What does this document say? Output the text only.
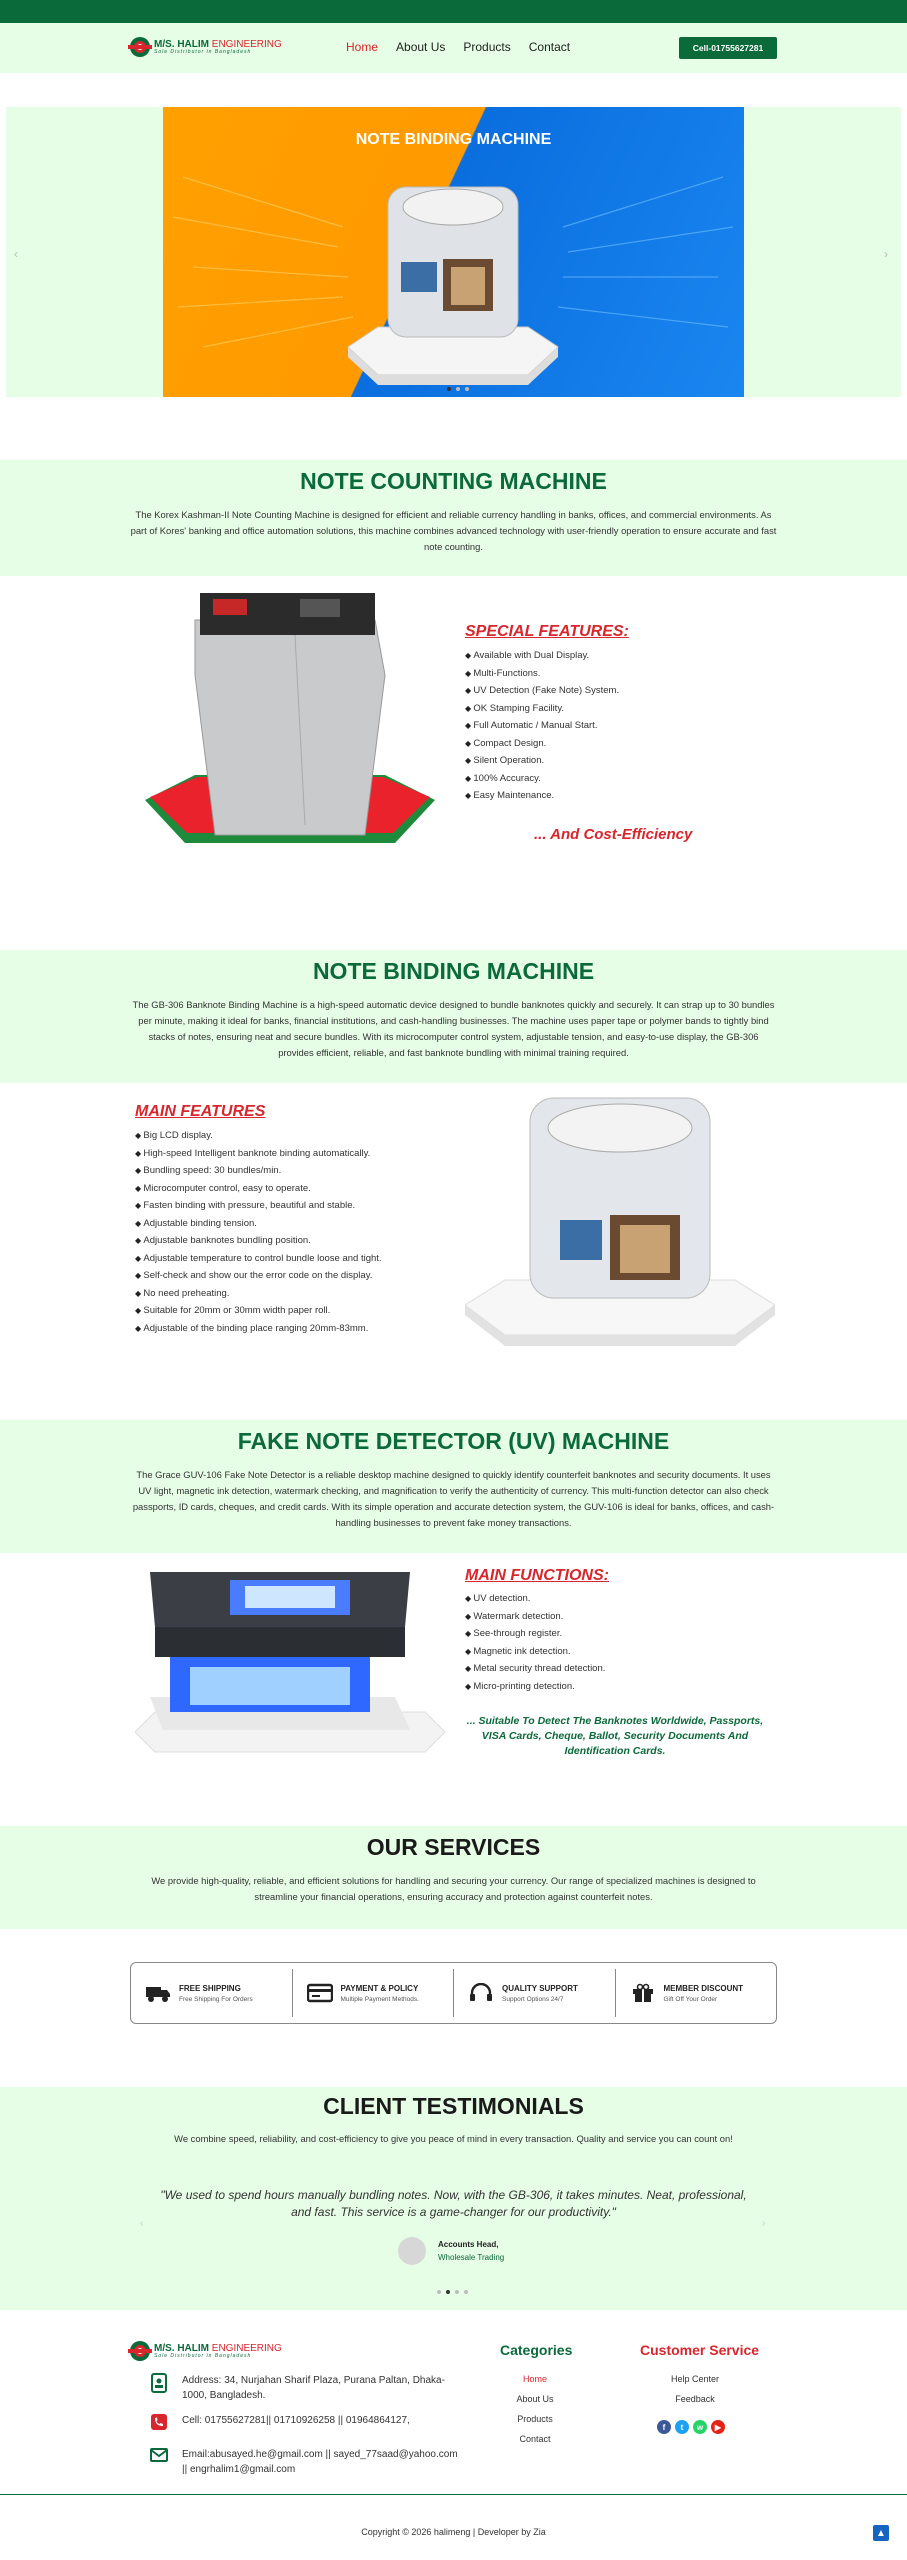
M/S. HALIM ENGINEERING
Sole Distributor in Bangladesh	Home About Us Products Contact	Cell-01755627281
‹	›
NOTE BINDING MACHINE
NOTE COUNTING MACHINE
The Korex Kashman-II Note Counting Machine is designed for efficient and reliable currency handling in banks, offices, and commercial environments. As part of Kores' banking and office automation solutions, this machine combines advanced technology with user-friendly operation to ensure accurate and fast note counting.
SPECIAL FEATURES:
◆ Available with Dual Display.
◆ Multi-Functions.
◆ UV Detection (Fake Note) System.
◆ OK Stamping Facility.
◆ Full Automatic / Manual Start.
◆ Compact Design.
◆ Silent Operation.
◆ 100% Accuracy.
◆ Easy Maintenance.
... And Cost-Efficiency
NOTE BINDING MACHINE
The GB-306 Banknote Binding Machine is a high-speed automatic device designed to bundle banknotes quickly and securely. It can strap up to 30 bundles per minute, making it ideal for banks, financial institutions, and cash-handling businesses. The machine uses paper tape or polymer bands to tightly bind stacks of notes, ensuring neat and secure bundles. With its microcomputer control system, adjustable tension, and easy-to-use display, the GB-306 provides efficient, reliable, and fast banknote bundling with minimal training required.
MAIN FEATURES
◆ Big LCD display.
◆ High-speed Intelligent banknote binding automatically.
◆ Bundling speed: 30 bundles/min.
◆ Microcomputer control, easy to operate.
◆ Fasten binding with pressure, beautiful and stable.
◆ Adjustable binding tension.
◆ Adjustable banknotes bundling position.
◆ Adjustable temperature to control bundle loose and tight.
◆ Self-check and show our the error code on the display.
◆ No need preheating.
◆ Suitable for 20mm or 30mm width paper roll.
◆ Adjustable of the binding place ranging 20mm-83mm.
FAKE NOTE DETECTOR (UV) MACHINE
The Grace GUV-106 Fake Note Detector is a reliable desktop machine designed to quickly identify counterfeit banknotes and security documents. It uses UV light, magnetic ink detection, watermark checking, and magnification to verify the authenticity of currency. This multi-function detector can also check passports, ID cards, cheques, and credit cards. With its simple operation and accurate detection system, the GUV-106 is ideal for banks, offices, and cash-handling businesses to prevent fake money transactions.
MAIN FUNCTIONS:
◆ UV detection.
◆ Watermark detection.
◆ See-through register.
◆ Magnetic ink detection.
◆ Metal security thread detection.
◆ Micro-printing detection.
... Suitable To Detect The Banknotes Worldwide, Passports, VISA Cards, Cheque, Ballot, Security Documents And Identification Cards.
OUR SERVICES
We provide high-quality, reliable, and efficient solutions for handling and securing your currency. Our range of specialized machines is designed to streamline your financial operations, ensuring accuracy and protection against counterfeit notes.
FREE SHIPPING
Free Shipping For Orders
PAYMENT & POLICY
Multiple Payment Methods.
QUALITY SUPPORT
Support Options 24/7
MEMBER DISCOUNT
Gift Off Your Order
CLIENT TESTIMONIALS
We combine speed, reliability, and cost-efficiency to give you peace of mind in every transaction. Quality and service you can count on!
‹	›
"We used to spend hours manually bundling notes. Now, with the GB-306, it takes minutes. Neat, professional, and fast. This service is a game-changer for our productivity."
Accounts Head,
Wholesale Trading
M/S. HALIM ENGINEERING
Sole Distributor in Bangladesh
Address: 34, Nurjahan Sharif Plaza, Purana Paltan, Dhaka-1000, Bangladesh.
Cell: 01755627281|| 01710926258 || 01964864127,
Email:abusayed.he@gmail.com || sayed_77saad@yahoo.com || engrhalim1@gmail.com
Categories
Home
About Us
Products
Contact
Customer Service
Help Center
Feedback
f	t	w	▶
Copyright © 2026 halimeng | Developer by Zia	▲
